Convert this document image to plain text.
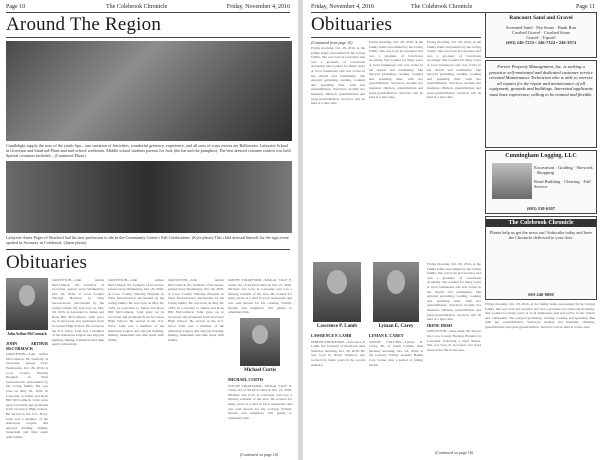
Page 10	The Colebrook Chronicle	Friday, November 4, 2016
Around The Region
Candlelight supply the tone of the youth Spa... one variation of festivities, wonderful greenery, experience, and all sorts of ways moves are Halloween. Lafayette School in Groveton and Stratford-Plans and mid-school weekends. Middle school students parents for Jack (the hat and the pumpkin). The best dressed costume contest was held Special costumes included... (Continued Photo)
Lafayette Ames Pages of Stratford had his new profession to tile in the Community Center's Fall Celebrations. (Kyle photo) This child dressed himself for the sign event spotted in Swanzey in Colebrook. (Jason photo)
Obituaries
John Arthur McCormack
JOHN ARTHUR McCORMACK
GROVETON—John Arthur McCormack, 83, formerly of Groveton, passed away Wednesday, Oct. 26, 2016, at Coos County Nursing Hospital in West Stewartstown surrounded by his loving family. He was born on May 29, 1933, in Lancaster to James and Rose Hill McCormack. John grew up in Groveton and graduated from Groveton High School. He served in the U.S. Navy. John was a member of the American Legion and enjoyed hunting, fishing, basketball and time spent with family.
GROVETON—John Arthur McCormack, 83, formerly of Groveton, passed away Wednesday, Oct. 26, 2016, at Coos County Nursing Hospital in West Stewartstown surrounded by his loving family. He was born on May 29, 1933, in Lancaster to James and Rose Hill McCormack. John grew up in Groveton and graduated from Groveton High School. He served in the U.S. Navy. John was a member of the American Legion and enjoyed hunting, fishing, basketball and time spent with family.
GROVETON—John Arthur McCormack, 83, formerly of Groveton, passed away Wednesday, Oct. 26, 2016, at Coos County Nursing Hospital in West Stewartstown surrounded by his loving family. He was born on May 29, 1933, in Lancaster to James and Rose Hill McCormack. John grew up in Groveton and graduated from Groveton High School. He served in the U.S. Navy. John was a member of the American Legion and enjoyed hunting, fishing, basketball and time spent with family.
GROVETON—John Arthur McCormack, 83, formerly of Groveton, passed away Wednesday, Oct. 26, 2016, at Coos County Nursing Hospital in West Stewartstown surrounded by his loving family. He was born on May 29, 1933, in Lancaster to James and Rose Hill McCormack. John grew up in Groveton and graduated from Groveton High School. He served in the U.S. Navy. John was a member of the American Legion and enjoyed hunting, fishing, basketball and time spent with family.
SOUTH STRATFORD—Michael "Chef" E. Curtis, 62, of Stratford died on Oct. 21, 2016. Michael was born in Lancaster and was a lifelong resident of the area. He worked for many years as a chef in local restaurants and was well known for his cooking. Family, friends and neighbors will gather to remember him.
Michael Curtis
MICHAEL CURTIS
SOUTH STRATFORD—Michael "Chef" E. Curtis, 62, of Stratford died on Oct. 21, 2016. Michael was born in Lancaster and was a lifelong resident of the area. He worked for many years as a chef in local restaurants and was well known for his cooking. Family, friends and neighbors will gather to remember him.
(Continued on page 16)
Friday, November 4, 2016	The Colebrook Chronicle	Page 11
Obituaries
(Continued from page 10)
Friday morning, Oct. 28, 2016, at the family home surrounded by her loving family. She was born in Lancaster and was a graduate of Colebrook Academy. She worked for many years at local businesses and was active in her church and community. She enjoyed gardening, reading, cooking and spending time with her grandchildren. Survivors include her husband, children, grandchildren and great-grandchildren. Services will be held at a later date.
Friday morning, Oct. 28, 2016, at the family home surrounded by her loving family. She was born in Lancaster and was a graduate of Colebrook Academy. She worked for many years at local businesses and was active in her church and community. She enjoyed gardening, reading, cooking and spending time with her grandchildren. Survivors include her husband, children, grandchildren and great-grandchildren. Services will be held at a later date.
Friday morning, Oct. 28, 2016, at the family home surrounded by her loving family. She was born in Lancaster and was a graduate of Colebrook Academy. She worked for many years at local businesses and was active in her church and community. She enjoyed gardening, reading, cooking and spending time with her grandchildren. Survivors include her husband, children, grandchildren and great-grandchildren. Services will be held at a later date.
Lawrence P. Lamb
LAWRENCE P. LAMB
NORTH STRATFORD—Lawrence P. Lamb, 84, formerly of Stratford, died Saturday morning, Oct. 29, 2016. He was born in North Stratford and worked for many years in the woods industry.
Lyman E. Carey
LYMAN E. CAREY
SOUTH COLLINS—Lyman E. Carey, 86, of South Collins, died Monday morning, Oct. 24, 2016, at the Country Village Genesis Health Care Center after a period of failing health.
Friday morning, Oct. 28, 2016, at the family home surrounded by her loving family. She was born in Lancaster and was a graduate of Colebrook Academy. She worked for many years at local businesses and was active in her church and community. She enjoyed gardening, reading, cooking and spending time with her grandchildren. Survivors include her husband, children, grandchildren and great-grandchildren. Services will be held at a later date.
IRENE IRISH
GROVETON—Irene Irish, 90, died at the Coos County Nursing Hospital in Lancaster following a brief illness. She was born in Groveton and lived most of her life in the area.
(Continued on page 16)
Rancourt Sand and Gravel
Screened Sand · Pea Stone · Bank Run
Crushed Gravel · Crushed Stone
Gravel · Topsoil
(603) 246-7233 • 246-7324 • 246-3974
Fortier Property Management, Inc. is seeking a proactive self-motivated and dedicated customer service oriented Maintenance Technician who is able to oversee all repairs for the repair and maintenance of all equipment, grounds and buildings. Interested applicants must have experience, willing to be trained and flexible.
Cunningham Logging, LLC
Excavation · Grading · Sitework · Shopping
Road Building · Clearing · Full Service
(603) 538-6307
The Colebrook Chronicle
Please help us get the news out! Subscribe today and have the Chronicle delivered to your door.
603-246-8000
Friday morning, Oct. 28, 2016, at the family home surrounded by her loving family. She was born in Lancaster and was a graduate of Colebrook Academy. She worked for many years at local businesses and was active in her church and community. She enjoyed gardening, reading, cooking and spending time with her grandchildren. Survivors include her husband, children, grandchildren and great-grandchildren. Services will be held at a later date.
